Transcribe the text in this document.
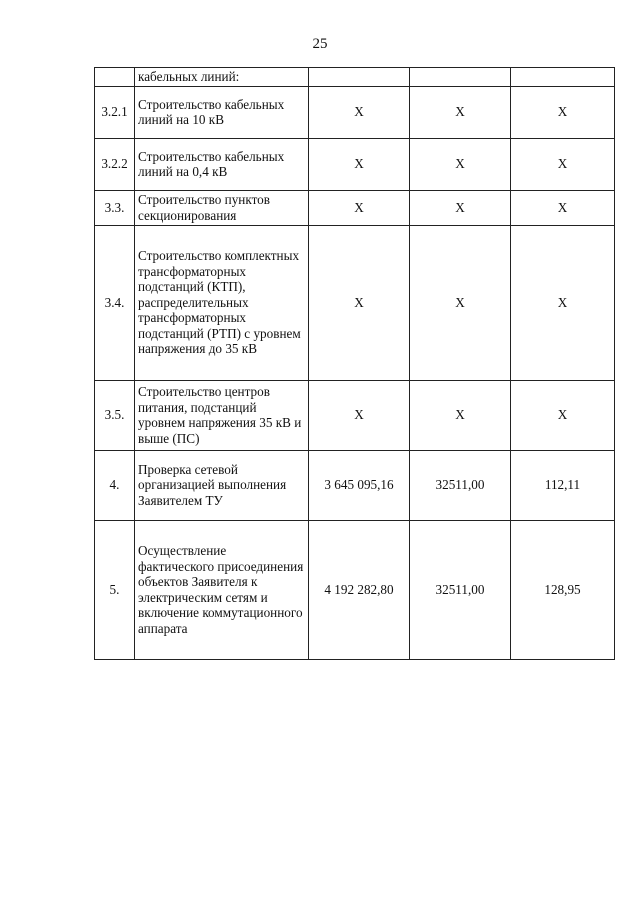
25
	кабельных линий:			
3.2.1	Строительство кабельных линий на 10 кВ	X	X	X
3.2.2	Строительство кабельных линий на 0,4 кВ	X	X	X
3.3.	Строительство пунктов секционирования	X	X	X
3.4.	Строительство комплектных трансформаторных подстанций (КТП), распределительных трансформаторных подстанций (РТП) с уровнем напряжения до 35 кВ	X	X	X
3.5.	Строительство центров питания, подстанций уровнем напряжения 35 кВ и выше (ПС)	X	X	X
4.	Проверка сетевой организацией выполнения Заявителем ТУ	3 645 095,16	32511,00	112,11
5.	Осуществление фактического присоединения объектов Заявителя к электрическим сетям и включение коммутационного аппарата	4 192 282,80	32511,00	128,95
